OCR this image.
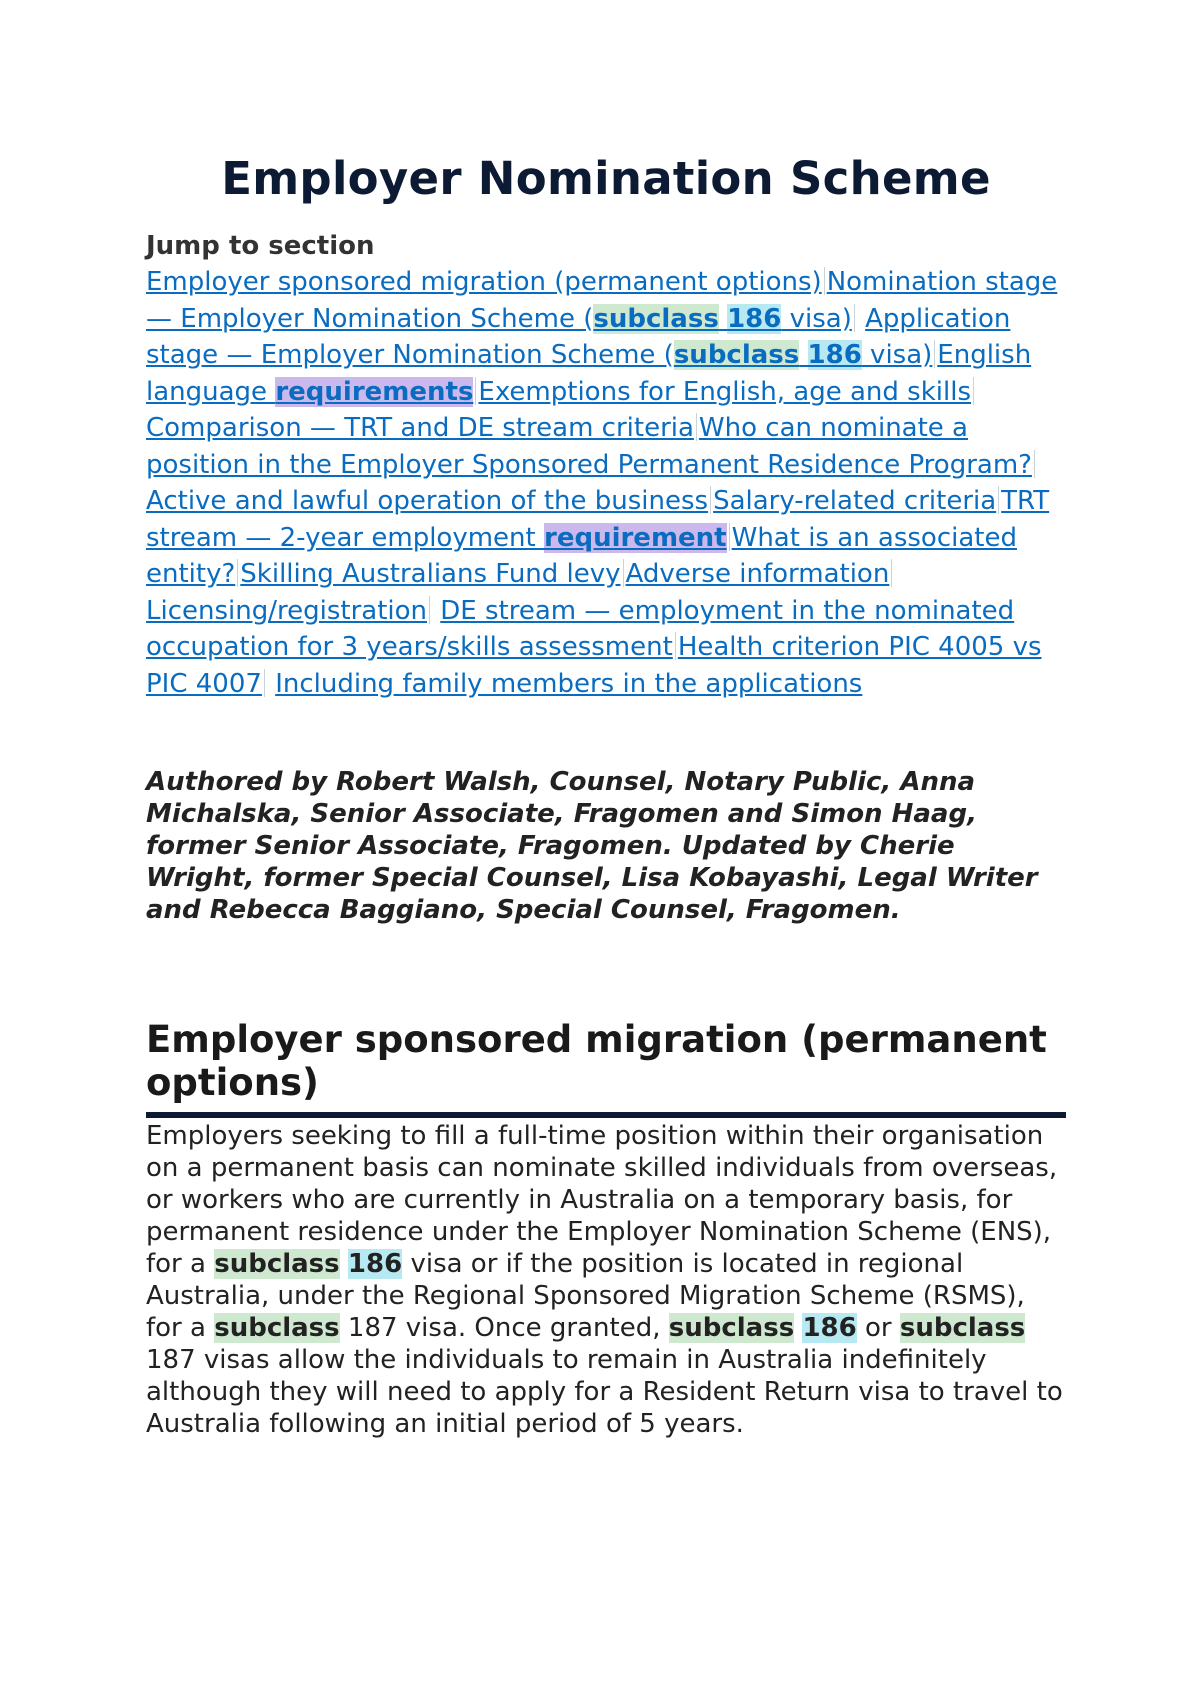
Employer Nomination Scheme
Jump to section
Employer sponsored migration (permanent options) Nomination stage — Employer Nomination Scheme (subclass 186 visa) Application stage — Employer Nomination Scheme (subclass 186 visa) English language requirements Exemptions for English, age and skillsComparison — TRT and DE stream criteria Who can nominate a position in the Employer Sponsored Permanent Residence Program?Active and lawful operation of the business Salary-related criteria TRT stream — 2-year employment requirement What is an associated entity? Skilling Australians Fund levy Adverse informationLicensing/registration DE stream — employment in the nominated occupation for 3 years/skills assessment Health criterion PIC 4005 vs PIC 4007 Including family members in the applications

Authored by Robert Walsh, Counsel, Notary Public, Anna Michalska, Senior Associate, Fragomen and Simon Haag, former Senior Associate, Fragomen. Updated by Cherie Wright, former Special Counsel, Lisa Kobayashi, Legal Writer and Rebecca Baggiano, Special Counsel, Fragomen.

Employer sponsored migration (permanent options)

Employers seeking to fill a full-time position within their organisation on a permanent basis can nominate skilled individuals from overseas, or workers who are currently in Australia on a temporary basis, for permanent residence under the Employer Nomination Scheme (ENS), for a subclass 186 visa or if the position is located in regional Australia, under the Regional Sponsored Migration Scheme (RSMS), for a subclass 187 visa. Once granted, subclass 186 or subclass 187 visas allow the individuals to remain in Australia indefinitely although they will need to apply for a Resident Return visa to travel to Australia following an initial period of 5 years.
